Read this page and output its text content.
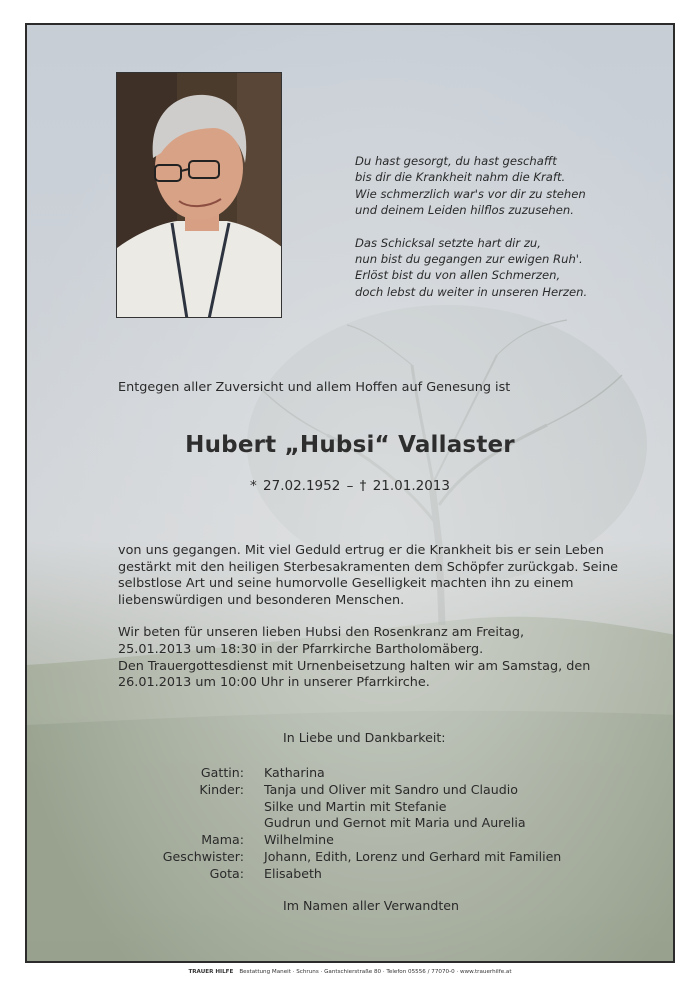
Du hast gesorgt, du hast geschafft

bis dir die Krankheit nahm die Kraft.

Wie schmerzlich war's vor dir zu stehen

und deinem Leiden hilflos zuzusehen.

Das Schicksal setzte hart dir zu,

nun bist du gegangen zur ewigen Ruh'.

Erlöst bist du von allen Schmerzen,

doch lebst du weiter in unseren Herzen.

Entgegen aller Zuversicht und allem Hoffen auf Genesung ist
Hubert „Hubsi“ Vallaster
* 27.02.1952 – † 21.01.2013

von uns gegangen. Mit viel Geduld ertrug er die Krankheit bis er sein Leben gestärkt mit den heiligen Sterbesakramenten dem Schöpfer zurückgab. Seine selbstlose Art und seine humorvolle Geselligkeit machten ihn zu einem liebenswürdigen und besonderen Menschen.

Wir beten für unseren lieben Hubsi den Rosenkranz am Freitag,
25.01.2013 um 18:30 in der Pfarrkirche Bartholomäberg.
Den Trauergottesdienst mit Urnenbeisetzung halten wir am Samstag, den
26.01.2013 um 10:00 Uhr in unserer Pfarrkirche.

In Liebe und Dankbarkeit:
Gattin:	Katharina
Kinder:	Tanja und Oliver mit Sandro und Claudio
Silke und Martin mit Stefanie
Gudrun und Gernot mit Maria und Aurelia
Mama:	Wilhelmine
Geschwister:	Johann, Edith, Lorenz und Gerhard mit Familien
Gota:	Elisabeth
Im Namen aller Verwandten
TRAUER HILFE Bestattung Maneit · Schruns · Gantschierstraße 80 · Telefon 05556 / 77070-0 · www.trauerhilfe.at
